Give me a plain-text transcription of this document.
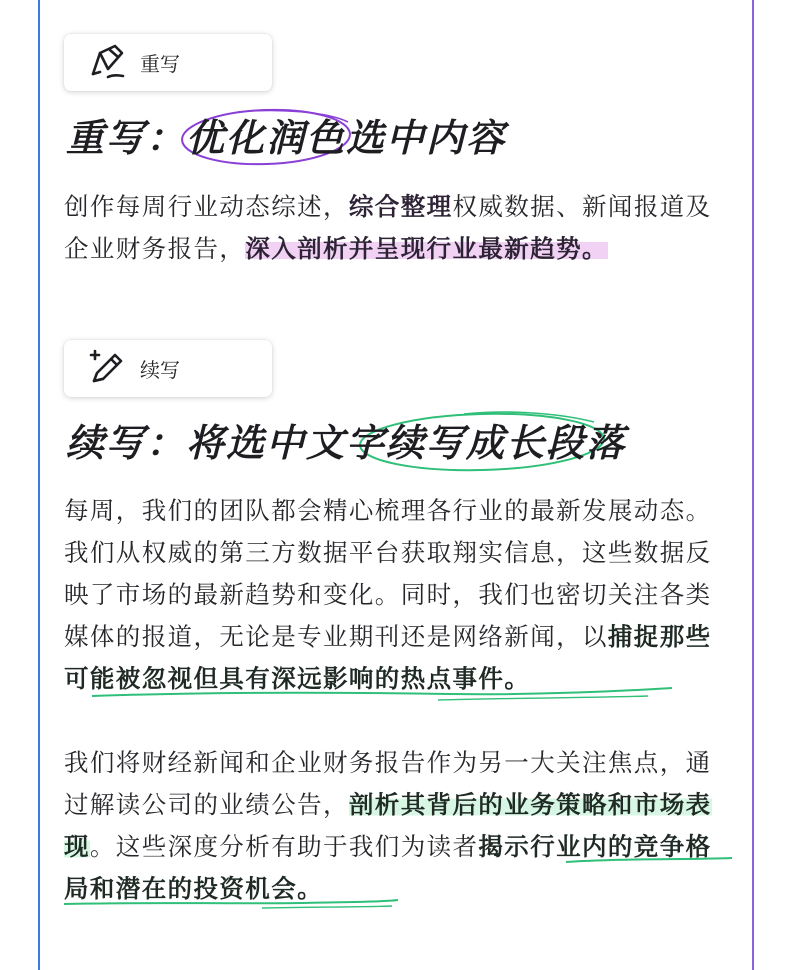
重写
重写：优化润色选中内容
创作每周行业动态综述，综合整理权威数据、新闻报道及企业财务报告，深入剖析并呈现行业最新趋势。
续写
续写：将选中文字续写成长段落
每周，我们的团队都会精心梳理各行业的最新发展动态。我们从权威的第三方数据平台获取翔实信息，这些数据反映了市场的最新趋势和变化。同时，我们也密切关注各类媒体的报道，无论是专业期刊还是网络新闻，以捕捉那些可能被忽视但具有深远影响的热点事件。
我们将财经新闻和企业财务报告作为另一大关注焦点，通过解读公司的业绩公告，剖析其背后的业务策略和市场表现。这些深度分析有助于我们为读者揭示行业内的竞争格局和潜在的投资机会。
